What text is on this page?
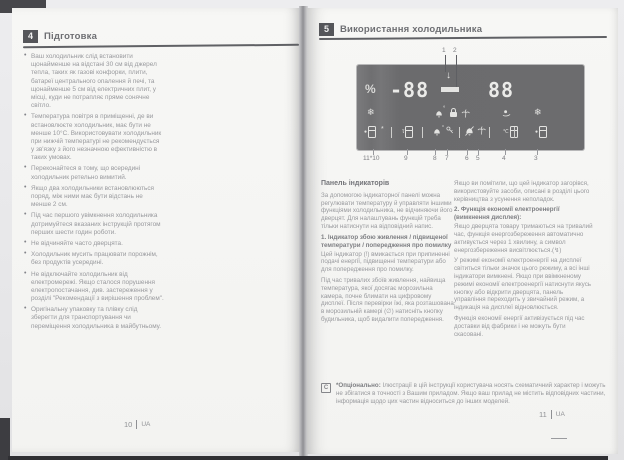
4	Підготовка
• Ваш холодильник слід встановити щонайменше на відстані 30 см від джерел тепла, таких як газові конфорки, плити, батареї центрального опалення й печі, та щонайменше 5 см від електричних плит, у місці, куди не потрапляє пряме сонячне світло.
• Температура повітря в приміщенні, де ви встановлюєте холодильник, має бути не менше 10°C. Використовувати холодильник при нижчій температурі не рекомендується у зв'язку з його незначною ефективністю в таких умовах.
• Переконайтеся в тому, що всередині холодильник ретельно вимитий.
• Якщо два холодильники встановлюються поряд, між ними має бути відстань не менше 2 см.
• Під час першого увімкнення холодильника дотримуйтеся вказаних інструкцій протягом перших шести годин роботи.
• Не відчиняйте часто дверцята.
• Холодильник мусить працювати порожнім, без продуктів усередині.
• Не відключайте холодильник від електромережі. Якщо сталося порушення електропостачання, див. застереження у розділі "Рекомендації з вирішення проблем".
• Оригінальну упаковку та плівку слід зберегти для транспортування чи переміщення холодильника в майбутньому.
10 UA
5	Використання холодильника
1 2
% -88	88
❄	°	❄
● *	τ
°
℃	●
↓
11*10	9	8 7	6 5	4	3
Панель індикаторів

За допомогою індикаторної панелі можна регулювати температуру й управляти іншими функціями холодильника, не відчиняючи його дверцят. Для налаштувань функцій треба тільки натиснути на відповідний напис.

1. Індикатор збою живлення / підвищеної температури / попередження про помилку

Цей індикатор (!) вмикається при припиненні подачі енергії, підвищенні температури або для попередження про помилку.

Під час тривалих збоїв живлення, найвища температура, якої досягає морозильна камера, почне блимати на цифровому дисплеї. Після перевірки їжі, яка розташована в морозильній камері (∅) натисніть кнопку будильника, щоб видалити попередження.

Якщо ви помітили, що цей індикатор загорівся, використовуйте засоби, описані в розділі цього керівництва з усунення неполадок.

2. Функція економії електроенергії (вимкнення дисплея):

Якщо дверцята товару тримаються на тривалий час, функція енергозбереження автоматично активується через 1 хвилину, а символ енергозбереження висвітлюється.(↯)

У режимі економії електроенергії на дисплеї світиться тільки значок цього режиму, а всі інші індикатори вимкнені. Якщо при ввімкненому режимі економії електроенергії натиснути якусь кнопку або відкрити дверцята, панель управління переходить у звичайний режим, а індикація на дисплеї відновлюється.

Функція економії енергії активізується під час доставки від фабрики і не можуть бути скасовані.

C	*Опціонально: Ілюстрації в цій інструкції користувача носять схематичний характер і можуть не збігатися в точності з Вашим приладом. Якщо ваш прилад не містить відповідних частини, інформація щодо цих частин відноситься до інших моделей.
11 UA
